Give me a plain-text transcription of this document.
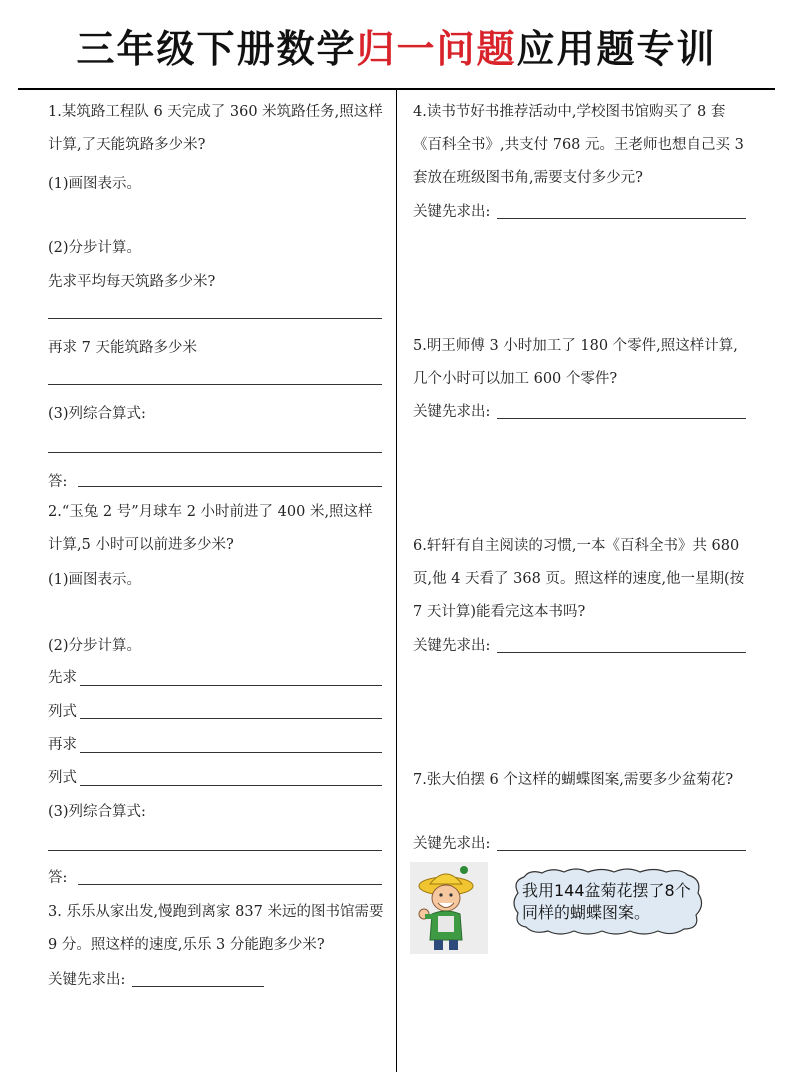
三年级下册数学归一问题应用题专训
1.某筑路工程队 6 天完成了 360 米筑路任务,照这样计算,了天能筑路多少米?
(1)画图表示。
(2)分步计算。
先求平均每天筑路多少米?
再求 7 天能筑路多少米
(3)列综合算式:
答:
2.“玉兔 2 号”月球车 2 小时前进了 400 米,照这样计算,5 小时可以前进多少米?
(1)画图表示。
(2)分步计算。
先求
列式
再求
列式
(3)列综合算式:
答:
3. 乐乐从家出发,慢跑到离家 837 米远的图书馆需要 9 分。照这样的速度,乐乐 3 分能跑多少米?
关键先求出:
4.读书节好书推荐活动中,学校图书馆购买了 8 套《百科全书》,共支付 768 元。王老师也想自己买 3 套放在班级图书角,需要支付多少元?
关键先求出:
5.明王师傅 3 小时加工了 180 个零件,照这样计算,几个小时可以加工 600 个零件?
关键先求出:
6.轩轩有自主阅读的习惯,一本《百科全书》共 680 页,他 4 天看了 368 页。照这样的速度,他一星期(按 7 天计算)能看完这本书吗?
关键先求出:
7.张大伯摆 6 个这样的蝴蝶图案,需要多少盆菊花?
关键先求出:
我用144盆菊花摆了8个同样的蝴蝶图案。
